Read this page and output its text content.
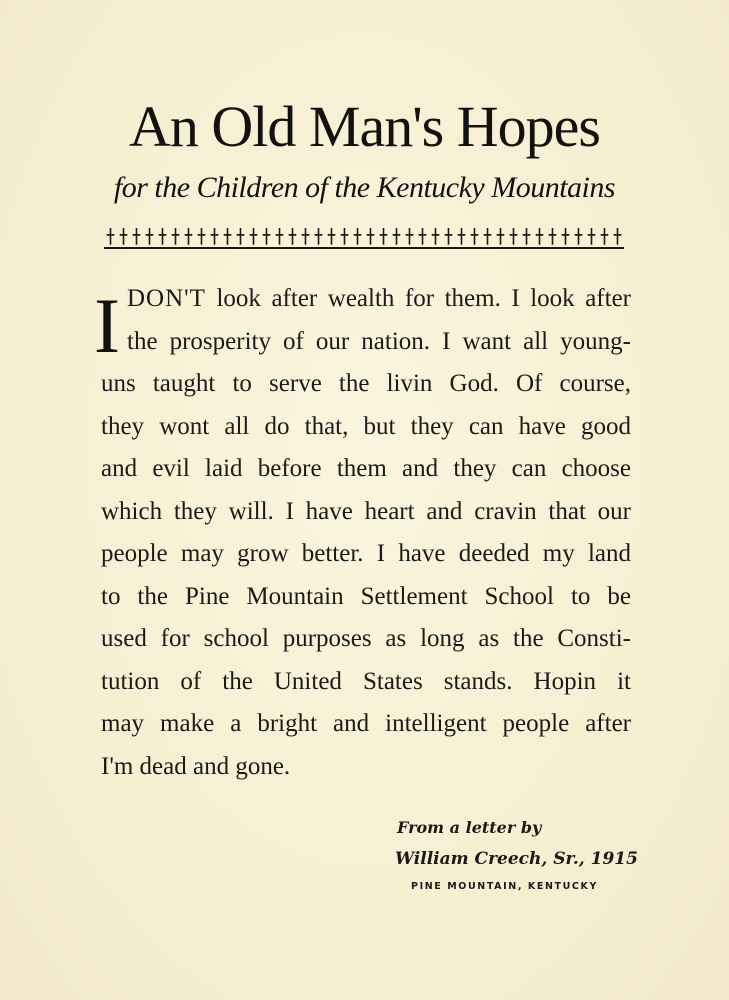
An Old Man's Hopes
for the Children of the Kentucky Mountains
I DON'T look after wealth for them. I look after
the prosperity of our nation. I want all young-
uns taught to serve the livin God. Of course,
they wont all do that, but they can have good
and evil laid before them and they can choose
which they will. I have heart and cravin that our
people may grow better. I have deeded my land
to the Pine Mountain Settlement School to be
used for school purposes as long as the Consti-
tution of the United States stands. Hopin it
may make a bright and intelligent people after
I'm dead and gone.
From a letter by
William Creech, Sr., 1915
PINE MOUNTAIN, KENTUCKY
